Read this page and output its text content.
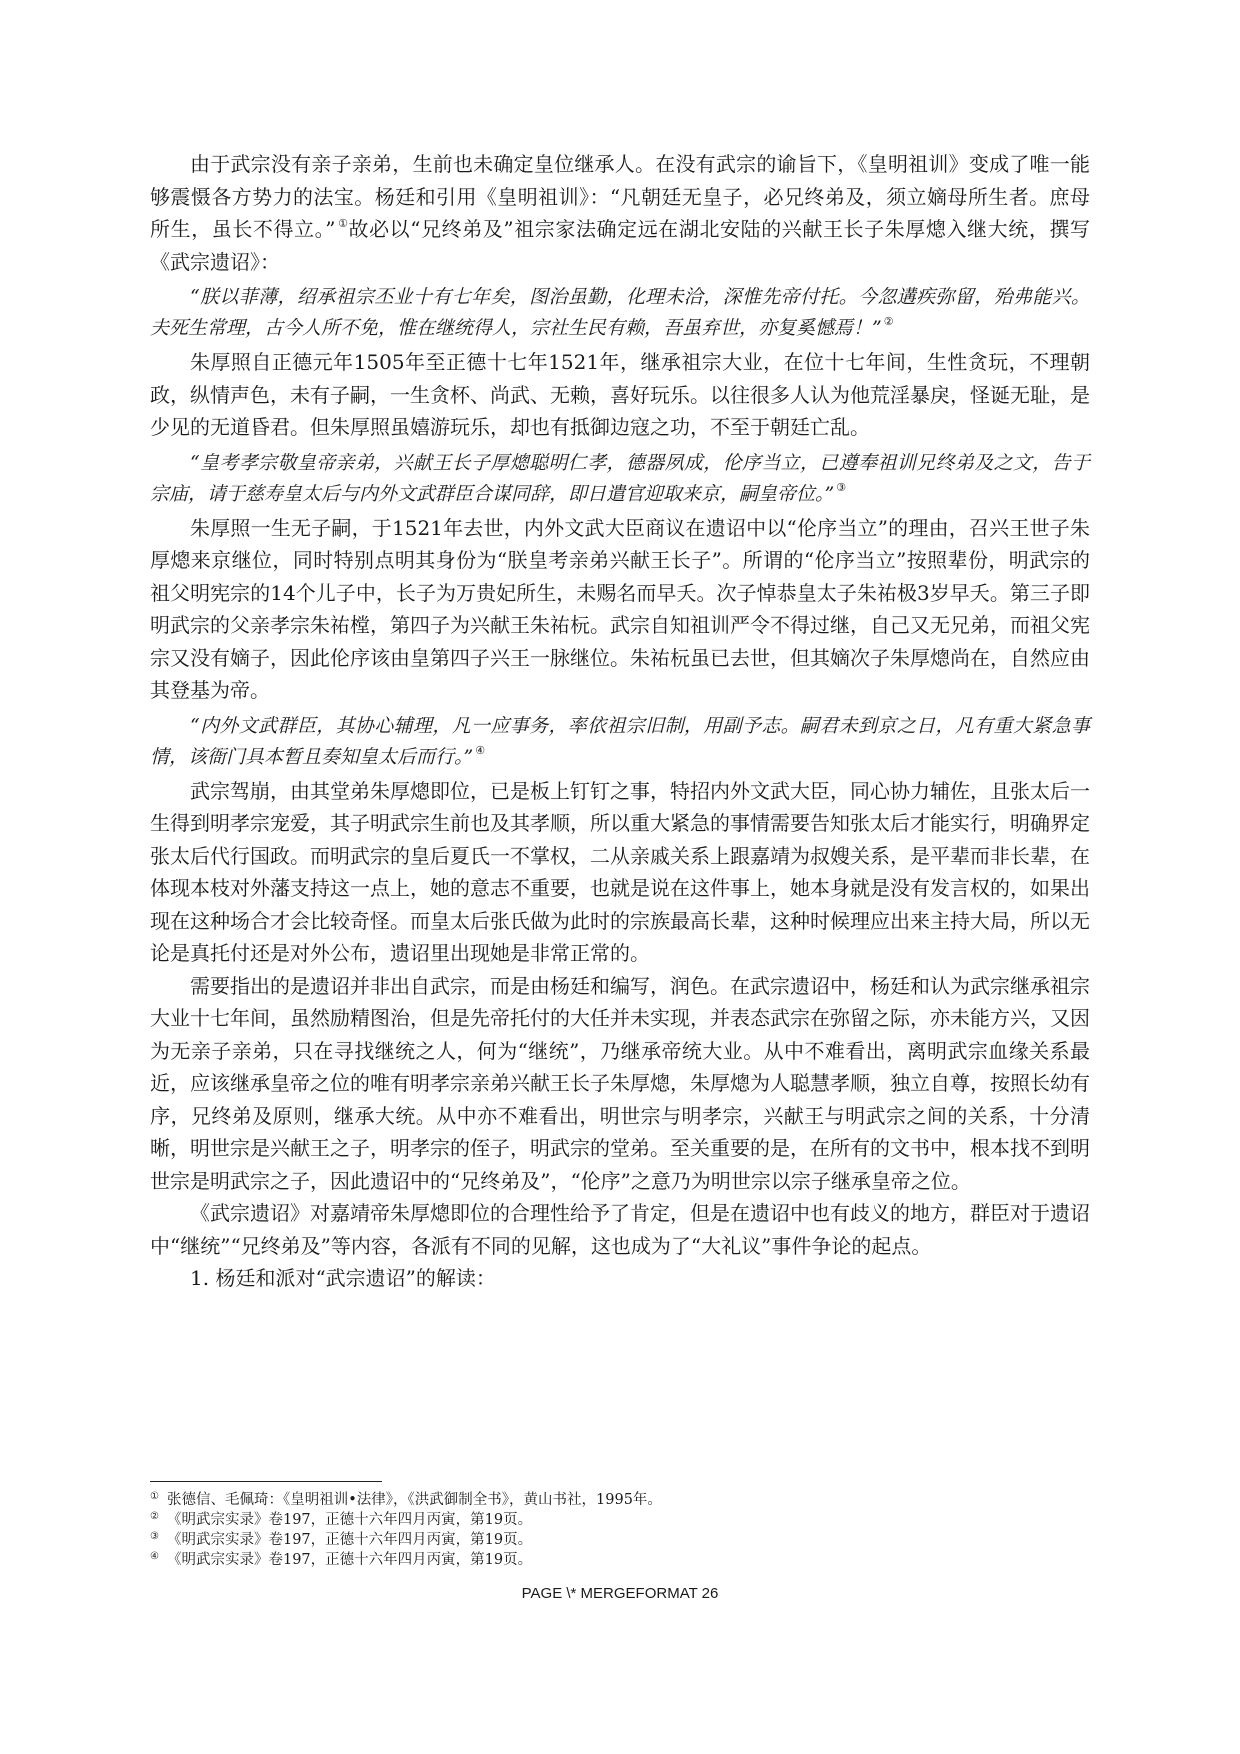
由于武宗没有亲子亲弟，生前也未确定皇位继承人。在没有武宗的谕旨下，《皇明祖训》变成了唯一能够震慑各方势力的法宝。杨廷和引用《皇明祖训》：“凡朝廷无皇子，必兄终弟及，须立嫡母所生者。庶母所生，虽长不得立。” ①故必以“兄终弟及”祖宗家法确定远在湖北安陆的兴献王长子朱厚熜入继大统，撰写《武宗遗诏》：

“朕以菲薄，绍承祖宗丕业十有七年矣，图治虽勤，化理未洽，深惟先帝付托。今忽遘疾弥留，殆弗能兴。夫死生常理，古今人所不免，惟在继统得人，宗社生民有赖，吾虽弃世，亦复奚憾焉！” ②

朱厚照自正德元年1505年至正德十七年1521年，继承祖宗大业，在位十七年间，生性贪玩，不理朝政，纵情声色，未有子嗣，一生贪杯、尚武、无赖，喜好玩乐。以往很多人认为他荒淫暴戾，怪诞无耻，是少见的无道昏君。但朱厚照虽嬉游玩乐，却也有抵御边寇之功，不至于朝廷亡乱。

“皇考孝宗敬皇帝亲弟，兴献王长子厚熜聪明仁孝，德器夙成，伦序当立，已遵奉祖训兄终弟及之文，告于宗庙，请于慈寿皇太后与内外文武群臣合谋同辞，即日遣官迎取来京，嗣皇帝位。” ③

朱厚照一生无子嗣，于1521年去世，内外文武大臣商议在遗诏中以“伦序当立”的理由，召兴王世子朱厚熜来京继位，同时特别点明其身份为“朕皇考亲弟兴献王长子”。所谓的“伦序当立”按照辈份，明武宗的祖父明宪宗的14个儿子中，长子为万贵妃所生，未赐名而早夭。次子悼恭皇太子朱祐极3岁早夭。第三子即明武宗的父亲孝宗朱祐樘，第四子为兴献王朱祐杬。武宗自知祖训严令不得过继，自己又无兄弟，而祖父宪宗又没有嫡子，因此伦序该由皇第四子兴王一脉继位。朱祐杬虽已去世，但其嫡次子朱厚熜尚在，自然应由其登基为帝。

“内外文武群臣，其协心辅理，凡一应事务，率依祖宗旧制，用副予志。嗣君未到京之日，凡有重大紧急事情，该衙门具本暂且奏知皇太后而行。” ④

武宗驾崩，由其堂弟朱厚熜即位，已是板上钉钉之事，特招内外文武大臣，同心协力辅佐，且张太后一生得到明孝宗宠爱，其子明武宗生前也及其孝顺，所以重大紧急的事情需要告知张太后才能实行，明确界定张太后代行国政。而明武宗的皇后夏氏一不掌权，二从亲戚关系上跟嘉靖为叔嫂关系，是平辈而非长辈，在体现本枝对外藩支持这一点上，她的意志不重要，也就是说在这件事上，她本身就是没有发言权的，如果出现在这种场合才会比较奇怪。而皇太后张氏做为此时的宗族最高长辈，这种时候理应出来主持大局，所以无论是真托付还是对外公布，遗诏里出现她是非常正常的。

需要指出的是遗诏并非出自武宗，而是由杨廷和编写，润色。在武宗遗诏中，杨廷和认为武宗继承祖宗大业十七年间，虽然励精图治，但是先帝托付的大任并未实现，并表态武宗在弥留之际，亦未能方兴，又因为无亲子亲弟，只在寻找继统之人，何为“继统”，乃继承帝统大业。从中不难看出，离明武宗血缘关系最近，应该继承皇帝之位的唯有明孝宗亲弟兴献王长子朱厚熜，朱厚熜为人聪慧孝顺，独立自尊，按照长幼有序，兄终弟及原则，继承大统。从中亦不难看出，明世宗与明孝宗，兴献王与明武宗之间的关系，十分清晰，明世宗是兴献王之子，明孝宗的侄子，明武宗的堂弟。至关重要的是，在所有的文书中，根本找不到明世宗是明武宗之子，因此遗诏中的“兄终弟及”，“伦序”之意乃为明世宗以宗子继承皇帝之位。

《武宗遗诏》对嘉靖帝朱厚熜即位的合理性给予了肯定，但是在遗诏中也有歧义的地方，群臣对于遗诏中“继统”“兄终弟及”等内容，各派有不同的见解，这也成为了“大礼议”事件争论的起点。

1. 杨廷和派对“武宗遗诏”的解读：

① 张德信、毛佩琦：《皇明祖训•法律》，《洪武御制全书》，黄山书社，1995年。

② 《明武宗实录》卷197，正德十六年四月丙寅，第19页。

③ 《明武宗实录》卷197，正德十六年四月丙寅，第19页。

④ 《明武宗实录》卷197，正德十六年四月丙寅，第19页。

PAGE \* MERGEFORMAT 26
